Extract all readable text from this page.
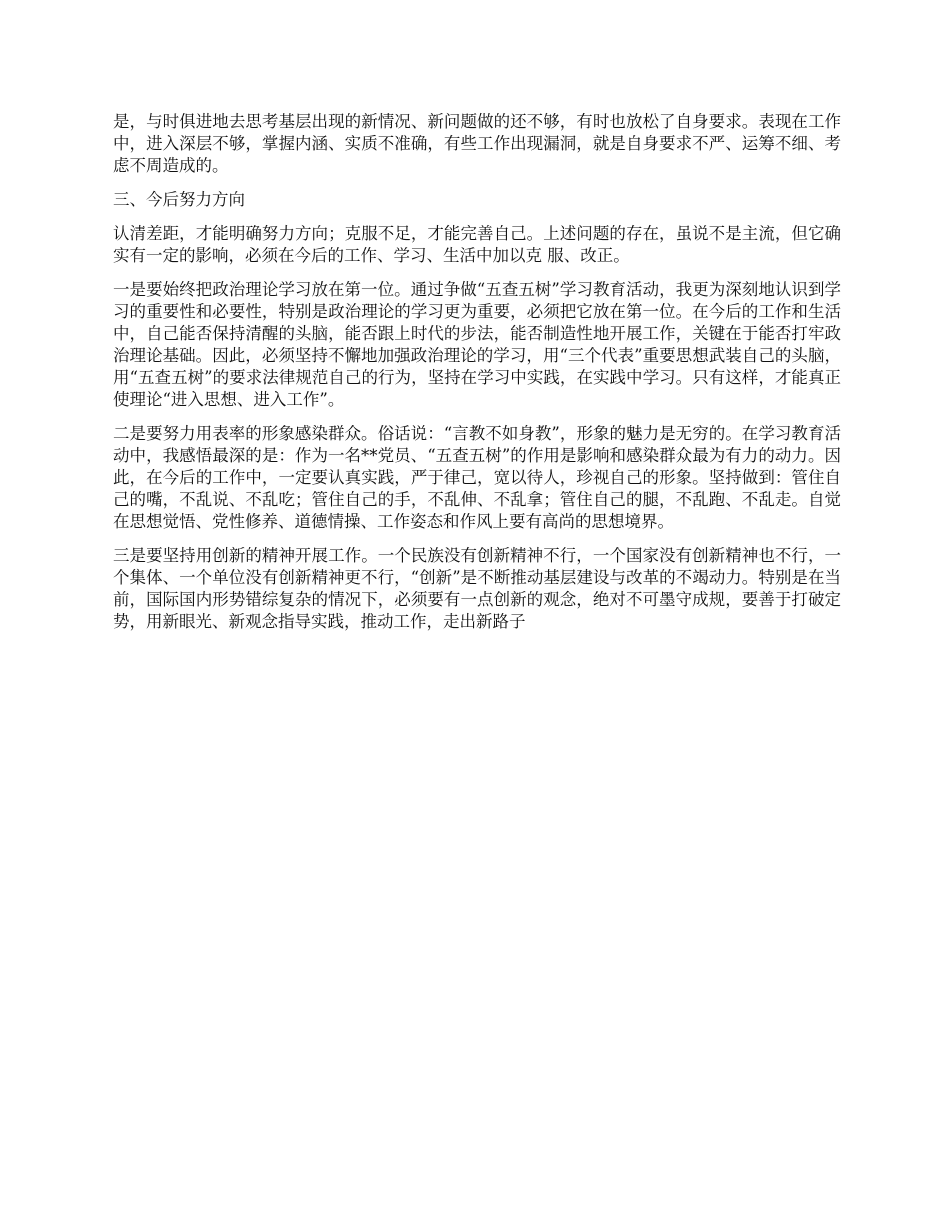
是，与时俱进地去思考基层出现的新情况、新问题做的还不够，有时也放松了自身要求。表现在工作中，进入深层不够，掌握内涵、实质不准确，有些工作出现漏洞，就是自身要求不严、运筹不细、考虑不周造成的。

三、今后努力方向

认清差距，才能明确努力方向；克服不足，才能完善自己。上述问题的存在，虽说不是主流，但它确实有一定的影响，必须在今后的工作、学习、生活中加以克 服、改正。

一是要始终把政治理论学习放在第一位。通过争做“五查五树”学习教育活动，我更为深刻地认识到学习的重要性和必要性，特别是政治理论的学习更为重要，必须把它放在第一位。在今后的工作和生活中，自己能否保持清醒的头脑，能否跟上时代的步法，能否制造性地开展工作，关键在于能否打牢政治理论基础。因此，必须坚持不懈地加强政治理论的学习，用“三个代表”重要思想武装自己的头脑，用“五查五树”的要求法律规范自己的行为，坚持在学习中实践，在实践中学习。只有这样，才能真正使理论“进入思想、进入工作”。

二是要努力用表率的形象感染群众。俗话说：“言教不如身教”，形象的魅力是无穷的。在学习教育活动中，我感悟最深的是：作为一名**党员、“五查五树”的作用是影响和感染群众最为有力的动力。因此，在今后的工作中，一定要认真实践，严于律己，宽以待人，珍视自己的形象。坚持做到：管住自己的嘴，不乱说、不乱吃；管住自己的手，不乱伸、不乱拿；管住自己的腿，不乱跑、不乱走。自觉在思想觉悟、党性修养、道德情操、工作姿态和作风上要有高尚的思想境界。

三是要坚持用创新的精神开展工作。一个民族没有创新精神不行，一个国家没有创新精神也不行，一个集体、一个单位没有创新精神更不行，“创新”是不断推动基层建设与改革的不竭动力。特别是在当前，国际国内形势错综复杂的情况下，必须要有一点创新的观念，绝对不可墨守成规，要善于打破定势，用新眼光、新观念指导实践，推动工作，走出新路子
